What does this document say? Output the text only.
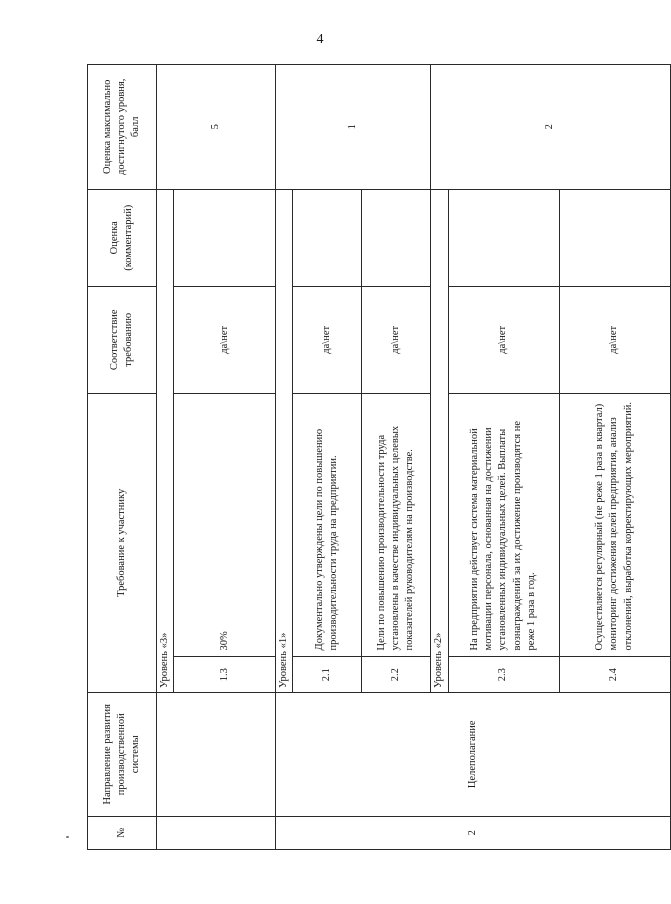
4
№	Направление развития производственной системы	Требование к участнику		Соответствие требованию	Оценка (комментарий)	Оценка максимально достигнутого уровня, балл
		Уровень «3»				5
		1.3	30%	да\нет		
2	Целеполагание	Уровень «1»				1
		2.1	Документально утверждены цели по повышению производительности труда на предприятии.	да\нет		
		2.2	Цели по повышению производительности труда установлены в качестве индивидуальных целевых показателей руководителям на производстве.	да\нет		
		Уровень «2»				2
		2.3	На предприятии действует система материальной мотивации персонала, основанная на достижении установленных индивидуальных целей. Выплаты вознаграждений за их достижение производятся не реже 1 раза в год.	да\нет		
		2.4	Осуществляется регулярный (не реже 1 раза в квартал) мониторинг достижения целей предприятия, анализ отклонений, выработка корректирующих мероприятий.	да\нет		
